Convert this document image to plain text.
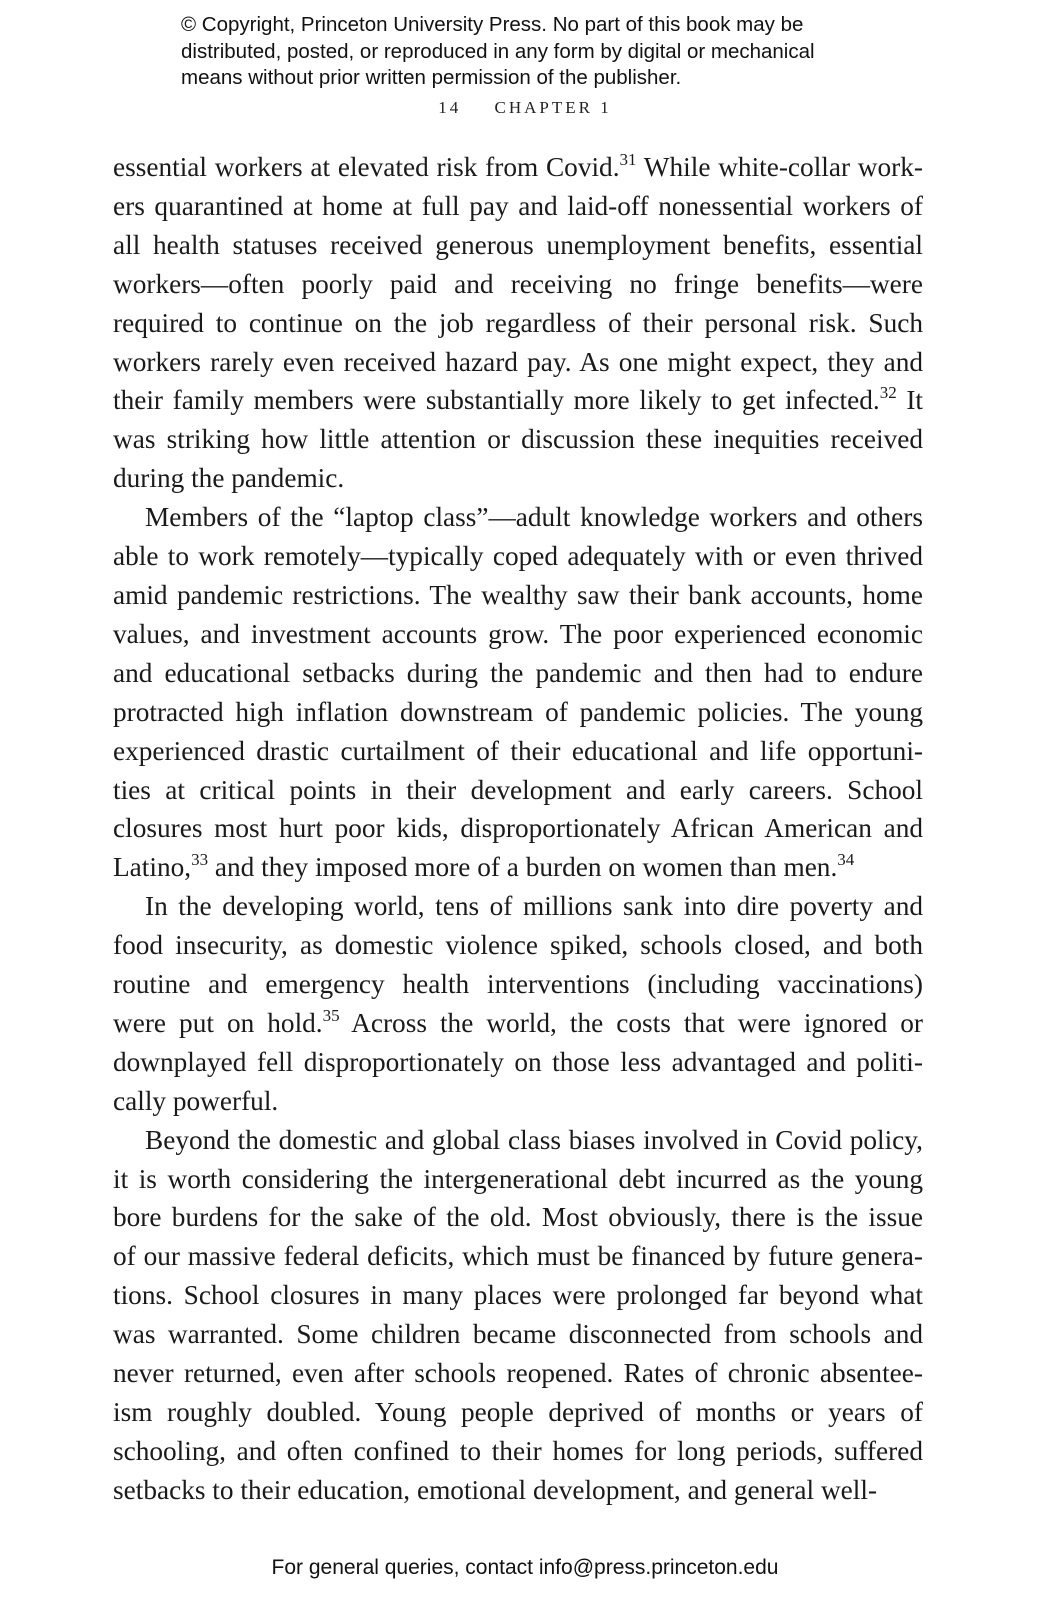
© Copyright, Princeton University Press. No part of this book may be
distributed, posted, or reproduced in any form by digital or mechanical
means without prior written permission of the publisher.
14 CHAPTER 1
essential workers at elevated risk from Covid.$^{31}$ While white-collar work-
ers quarantined at home at full pay and laid-off nonessential workers of
all health statuses received generous unemployment benefits, essential
workers—often poorly paid and receiving no fringe benefits—were
required to continue on the job regardless of their personal risk. Such
workers rarely even received hazard pay. As one might expect, they and
their family members were substantially more likely to get infected.$^{32}$ It
was striking how little attention or discussion these inequities received
during the pandemic.
Members of the “laptop class”—adult knowledge workers and others
able to work remotely—typically coped adequately with or even thrived
amid pandemic restrictions. The wealthy saw their bank accounts, home
values, and investment accounts grow. The poor experienced economic
and educational setbacks during the pandemic and then had to endure
protracted high inflation downstream of pandemic policies. The young
experienced drastic curtailment of their educational and life opportuni-
ties at critical points in their development and early careers. School
closures most hurt poor kids, disproportionately African American and
Latino,$^{33}$ and they imposed more of a burden on women than men.$^{34}$
In the developing world, tens of millions sank into dire poverty and
food insecurity, as domestic violence spiked, schools closed, and both
routine and emergency health interventions (including vaccinations)
were put on hold.$^{35}$ Across the world, the costs that were ignored or
downplayed fell disproportionately on those less advantaged and politi-
cally powerful.
Beyond the domestic and global class biases involved in Covid policy,
it is worth considering the intergenerational debt incurred as the young
bore burdens for the sake of the old. Most obviously, there is the issue
of our massive federal deficits, which must be financed by future genera-
tions. School closures in many places were prolonged far beyond what
was warranted. Some children became disconnected from schools and
never returned, even after schools reopened. Rates of chronic absentee-
ism roughly doubled. Young people deprived of months or years of
schooling, and often confined to their homes for long periods, suffered
setbacks to their education, emotional development, and general well-
For general queries, contact info@press.princeton.edu
